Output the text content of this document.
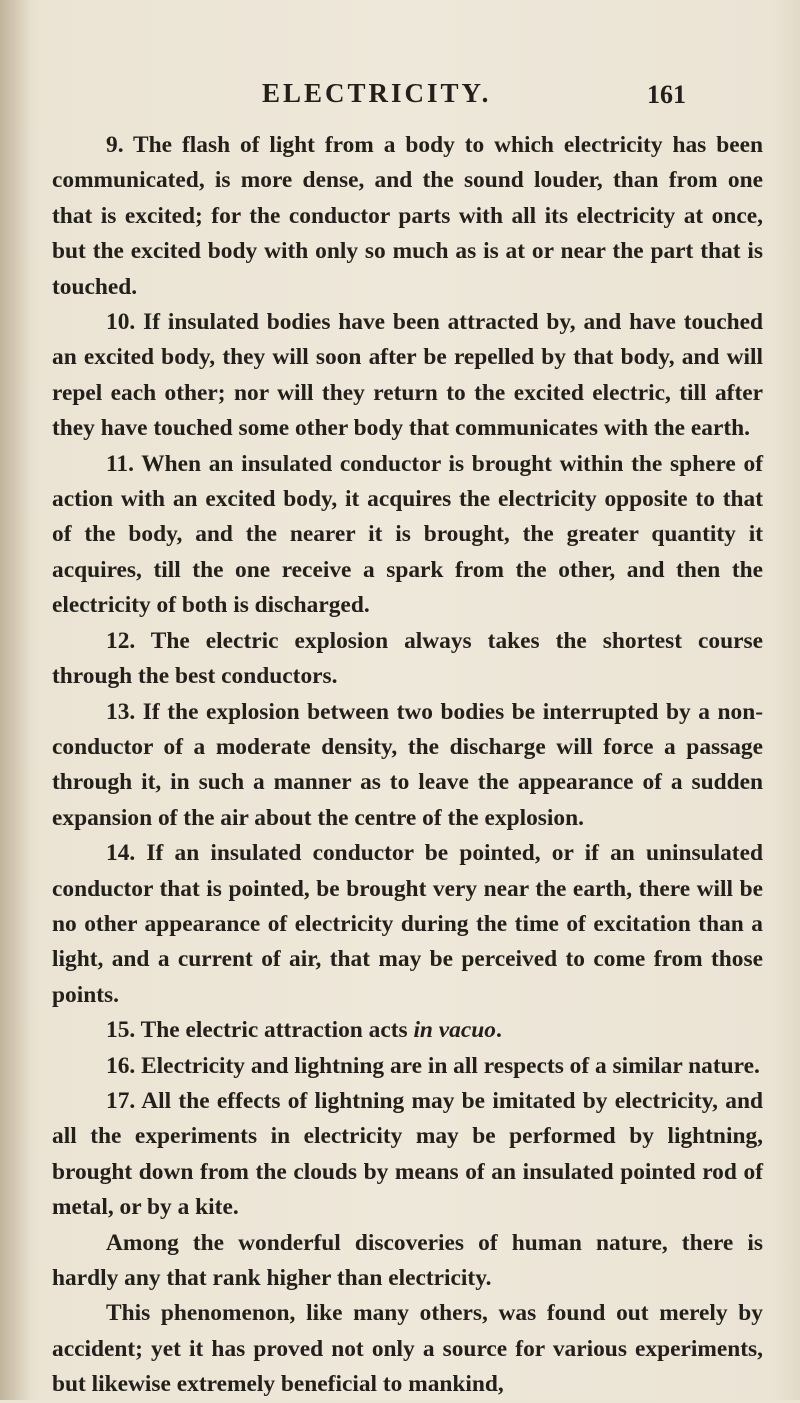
ELECTRICITY.	161

9. The flash of light from a body to which electricity has been communicated, is more dense, and the sound louder, than from one that is excited; for the conductor parts with all its electricity at once, but the excited body with only so much as is at or near the part that is touched.

10. If insulated bodies have been attracted by, and have touched an excited body, they will soon after be repelled by that body, and will repel each other; nor will they return to the excited electric, till after they have touched some other body that communicates with the earth.

11. When an insulated conductor is brought within the sphere of action with an excited body, it acquires the electricity opposite to that of the body, and the nearer it is brought, the greater quantity it acquires, till the one receive a spark from the other, and then the electricity of both is discharged.

12. The electric explosion always takes the shortest course through the best conductors.

13. If the explosion between two bodies be interrupted by a non-conductor of a moderate density, the discharge will force a passage through it, in such a manner as to leave the appearance of a sudden expansion of the air about the centre of the explosion.

14. If an insulated conductor be pointed, or if an uninsulated conductor that is pointed, be brought very near the earth, there will be no other appearance of electricity during the time of excitation than a light, and a current of air, that may be perceived to come from those points.

15. The electric attraction acts in vacuo.

16. Electricity and lightning are in all respects of a similar nature.

17. All the effects of lightning may be imitated by electricity, and all the experiments in electricity may be performed by lightning, brought down from the clouds by means of an insulated pointed rod of metal, or by a kite.

Among the wonderful discoveries of human nature, there is hardly any that rank higher than electricity.

This phenomenon, like many others, was found out merely by accident; yet it has proved not only a source for various experiments, but likewise extremely beneficial to mankind,
